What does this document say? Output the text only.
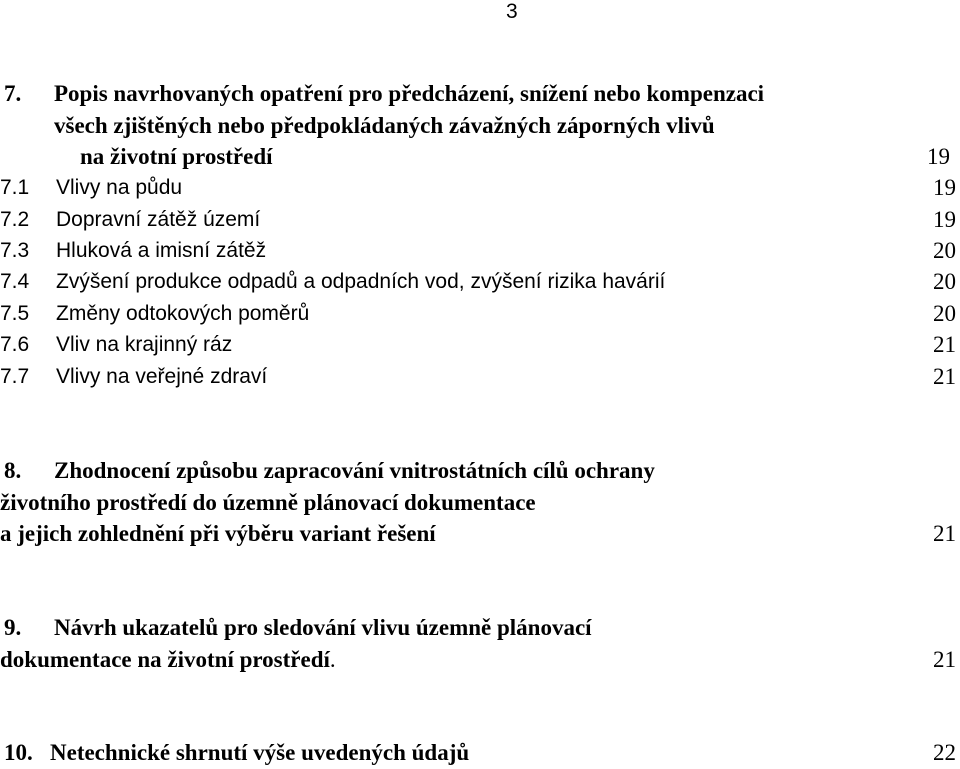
3
7. Popis navrhovaných opatření pro předcházení, snížení nebo kompenzaci
všech zjištěných nebo předpokládaných závažných záporných vlivů
na životní prostředí	19
7.1 Vlivy na půdu	19
7.2 Dopravní zátěž území	19
7.3 Hluková a imisní zátěž	20
7.4 Zvýšení produkce odpadů a odpadních vod, zvýšení rizika havárií	20
7.5 Změny odtokových poměrů	20
7.6 Vliv na krajinný ráz	21
7.7 Vlivy na veřejné zdraví	21
8. Zhodnocení způsobu zapracování vnitrostátních cílů ochrany
životního prostředí do územně plánovací dokumentace
a jejich zohlednění při výběru variant řešení	21
9. Návrh ukazatelů pro sledování vlivu územně plánovací
dokumentace na životní prostředí.	21
10. Netechnické shrnutí výše uvedených údajů	22
